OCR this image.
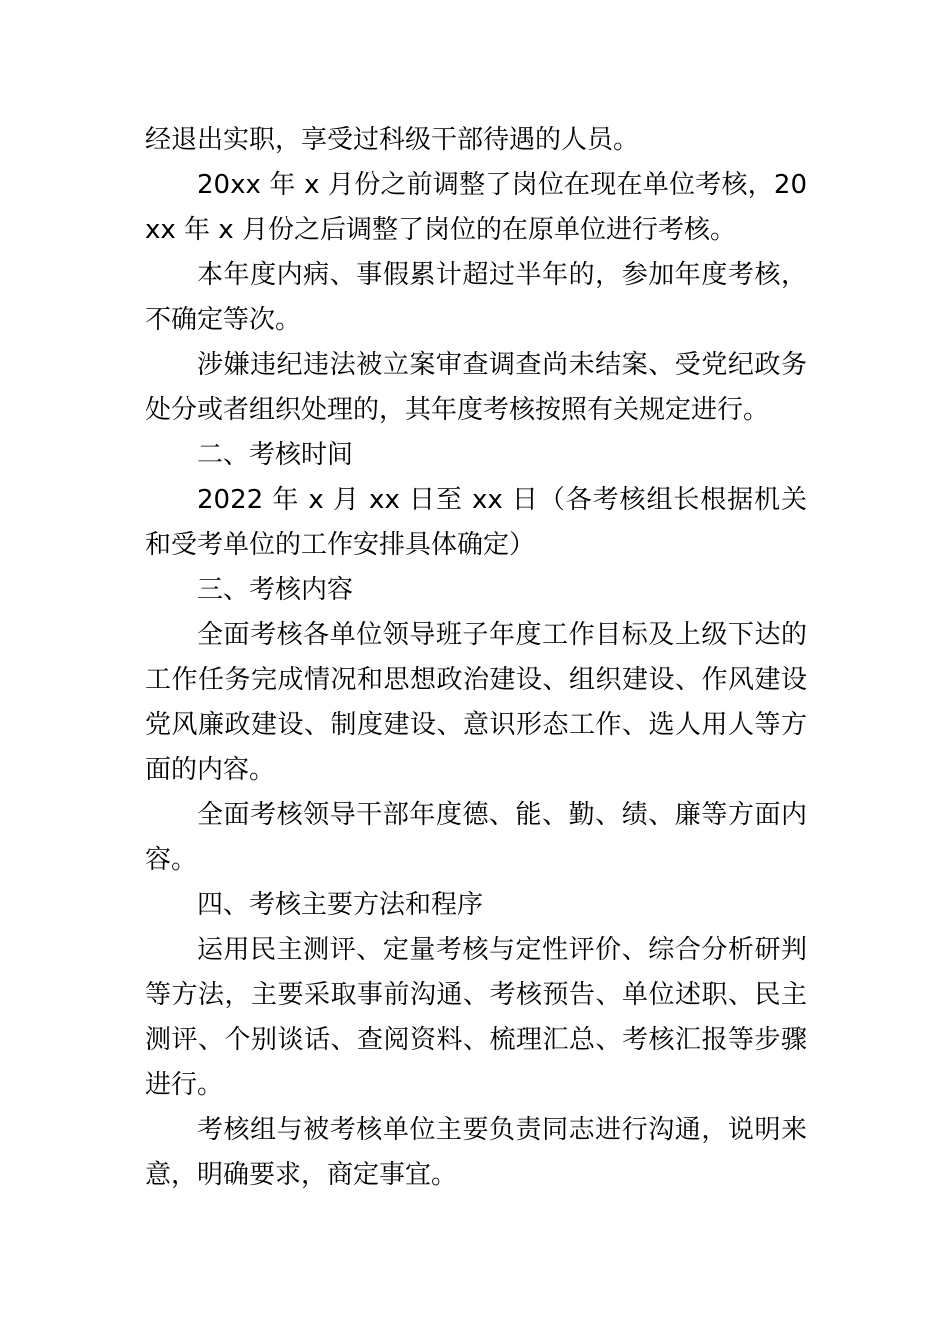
经退出实职，享受过科级干部待遇的人员。

20xx 年 x 月份之前调整了岗位在现在单位考核，20xx 年 x 月份之后调整了岗位的在原单位进行考核。

本年度内病、事假累计超过半年的，参加年度考核，不确定等次。

涉嫌违纪违法被立案审查调查尚未结案、受党纪政务处分或者组织处理的，其年度考核按照有关规定进行。

二、考核时间

2022 年 x 月 xx 日至 xx 日（各考核组长根据机关和受考单位的工作安排具体确定）

三、考核内容

全面考核各单位领导班子年度工作目标及上级下达的工作任务完成情况和思想政治建设、组织建设、作风建设党风廉政建设、制度建设、意识形态工作、选人用人等方面的内容。

全面考核领导干部年度德、能、勤、绩、廉等方面内容。

四、考核主要方法和程序

运用民主测评、定量考核与定性评价、综合分析研判等方法，主要采取事前沟通、考核预告、单位述职、民主测评、个别谈话、查阅资料、梳理汇总、考核汇报等步骤进行。

考核组与被考核单位主要负责同志进行沟通，说明来意，明确要求，商定事宜。
